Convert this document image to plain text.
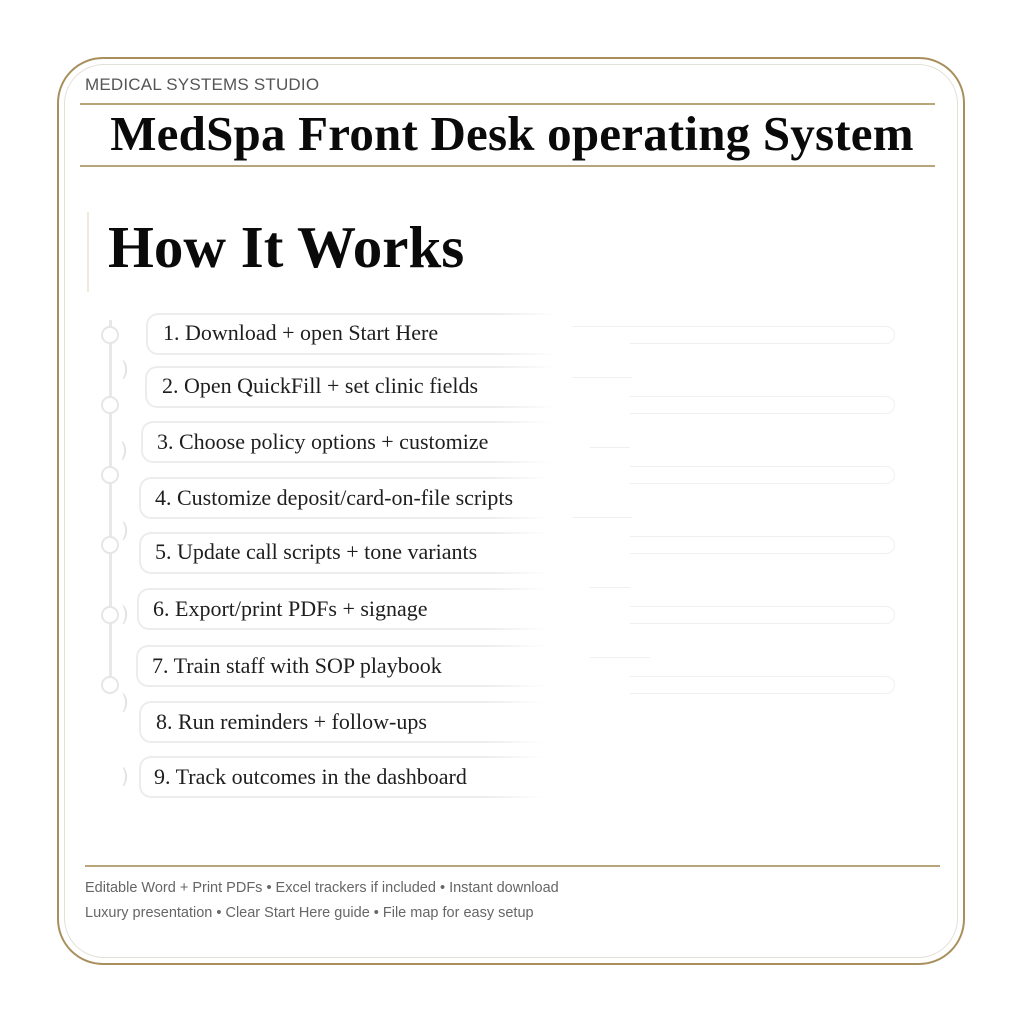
MEDICAL SYSTEMS STUDIO
MedSpa Front Desk operating System
How It Works
)
)
)
)
)
)
1. Download + open Start Here
2. Open QuickFill + set clinic fields
3. Choose policy options + customize
4. Customize deposit/card-on-file scripts
5. Update call scripts + tone variants
6. Export/print PDFs + signage
7. Train staff with SOP playbook
8. Run reminders + follow-ups
9. Track outcomes in the dashboard
Editable Word + Print PDFs • Excel trackers if included • Instant download
Luxury presentation • Clear Start Here guide • File map for easy setup
